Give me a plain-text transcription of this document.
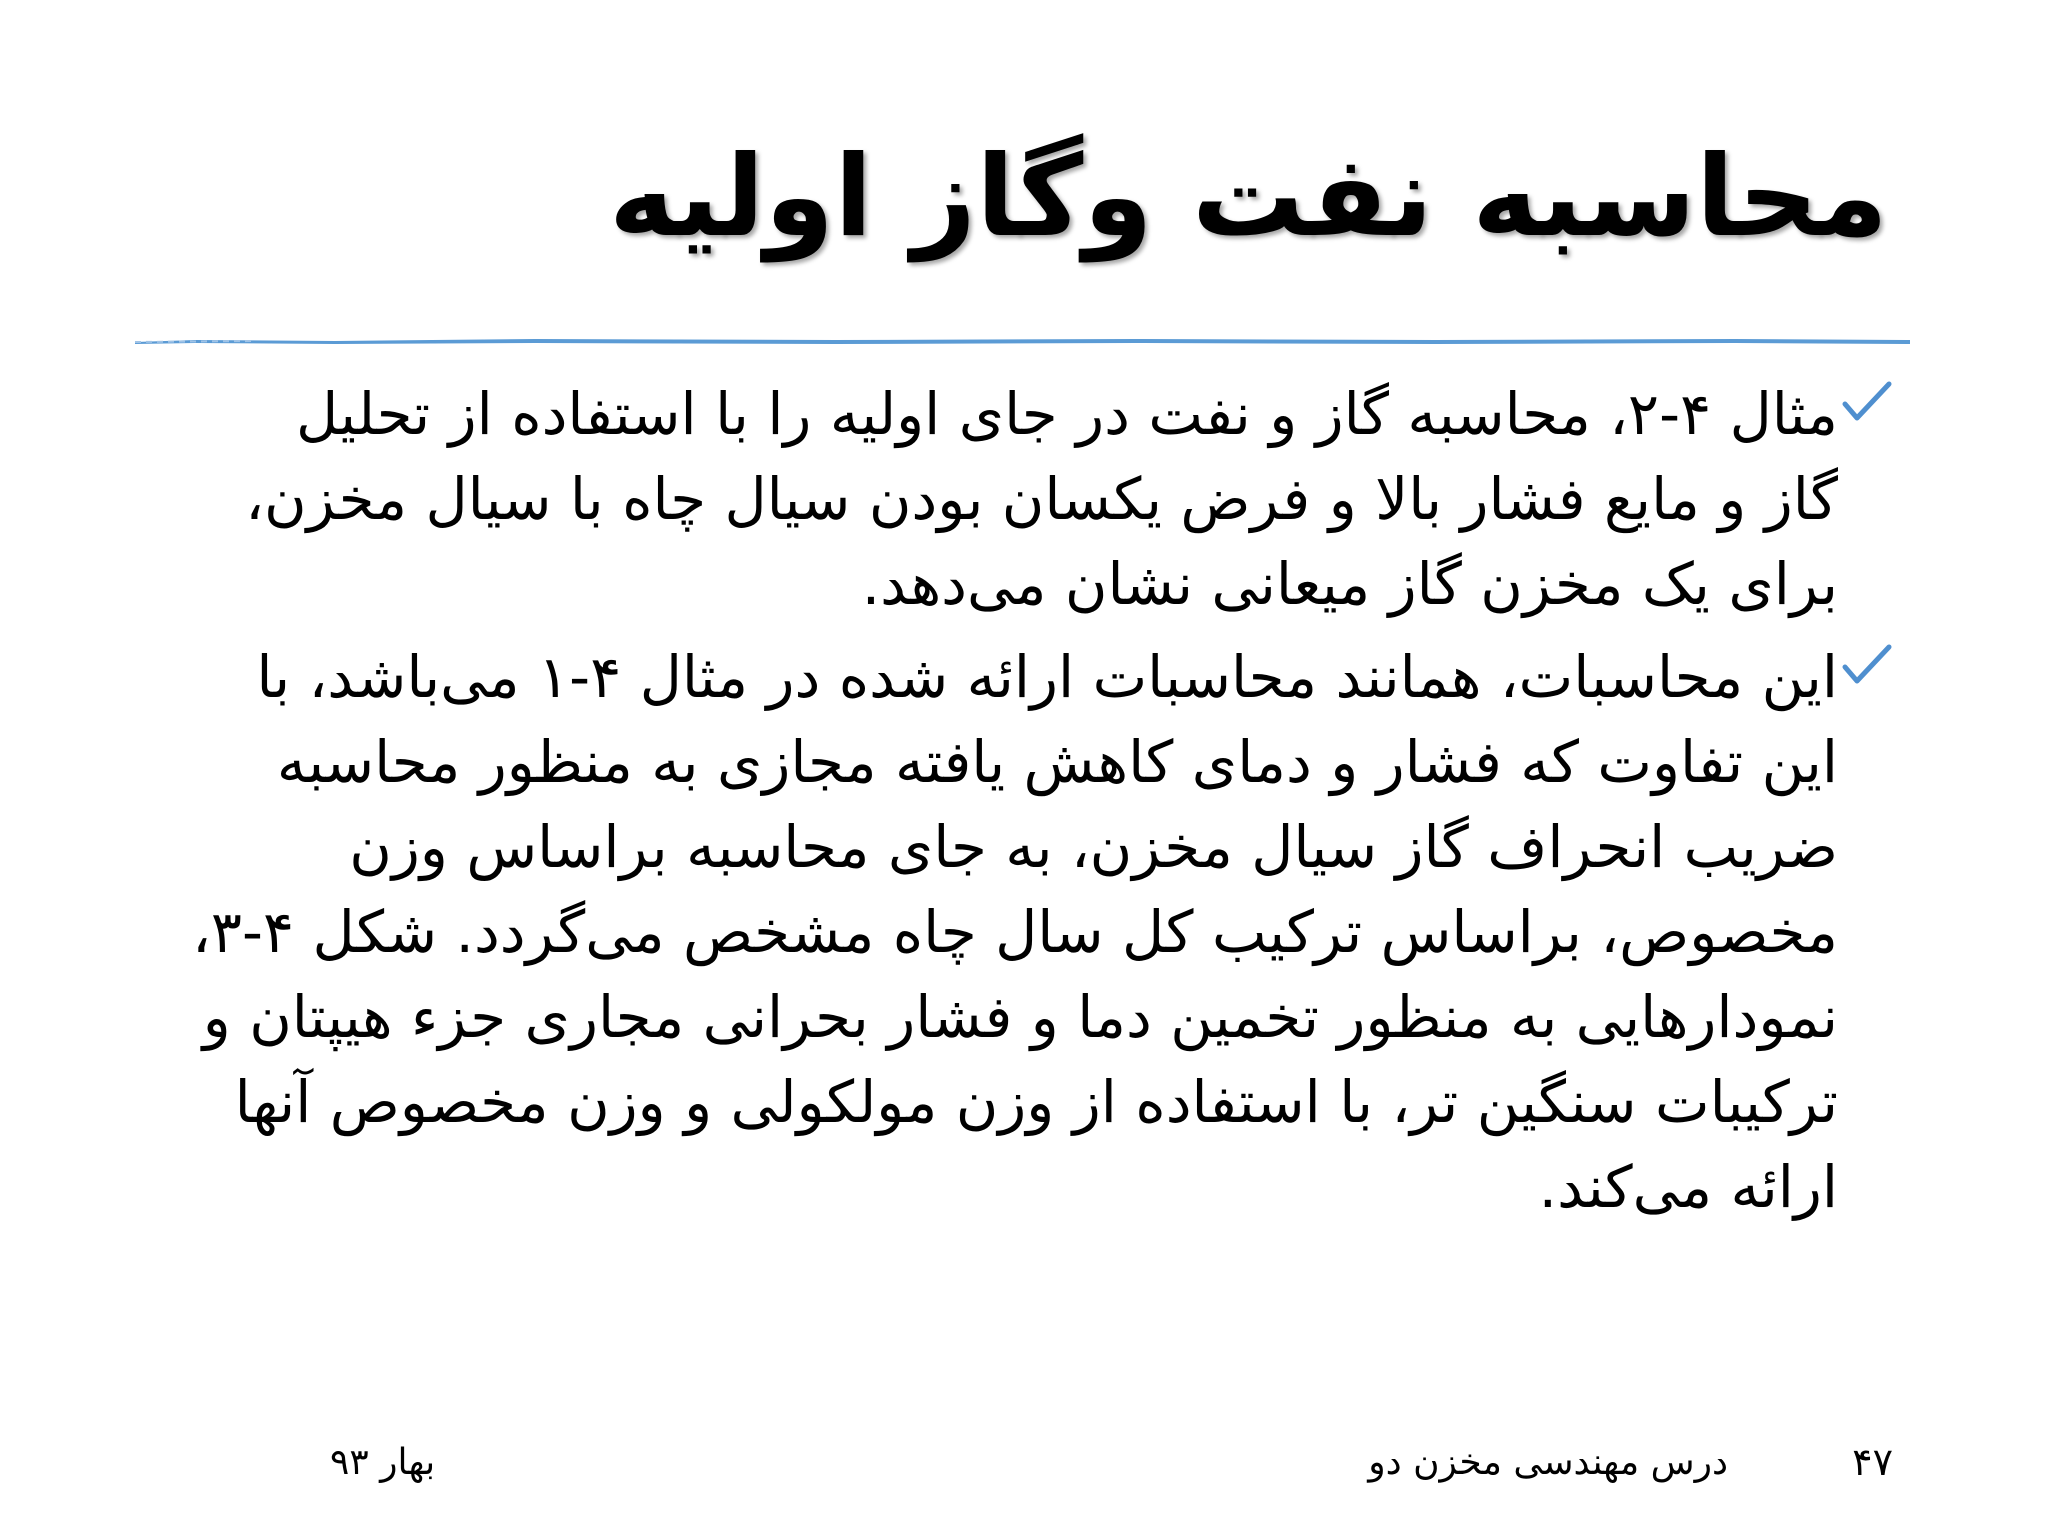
محاسبه نفت وگاز اولیه
مثال ۴-۲، محاسبه گاز و نفت در جای اولیه را با استفاده از تحلیل
گاز و مایع فشار بالا و فرض یکسان بودن سیال چاه با سیال مخزن،
برای یک مخزن گاز میعانی نشان می‌دهد.
این محاسبات، همانند محاسبات ارائه شده در مثال ۴-۱ می‌باشد، با
این تفاوت که فشار و دمای کاهش یافته مجازی به منظور محاسبه
ضریب انحراف گاز سیال مخزن، به جای محاسبه براساس وزن
مخصوص، براساس ترکیب کل سال چاه مشخص می‌گردد. شکل ۴-۳،
نمودارهایی به منظور تخمین دما و فشار بحرانی مجاری جزء هیپتان و
ترکیبات سنگین تر، با استفاده از وزن مولکولی و وزن مخصوص آنها
ارائه می‌کند.
۴۷
درس مهندسی مخزن دو
بهار ۹۳
